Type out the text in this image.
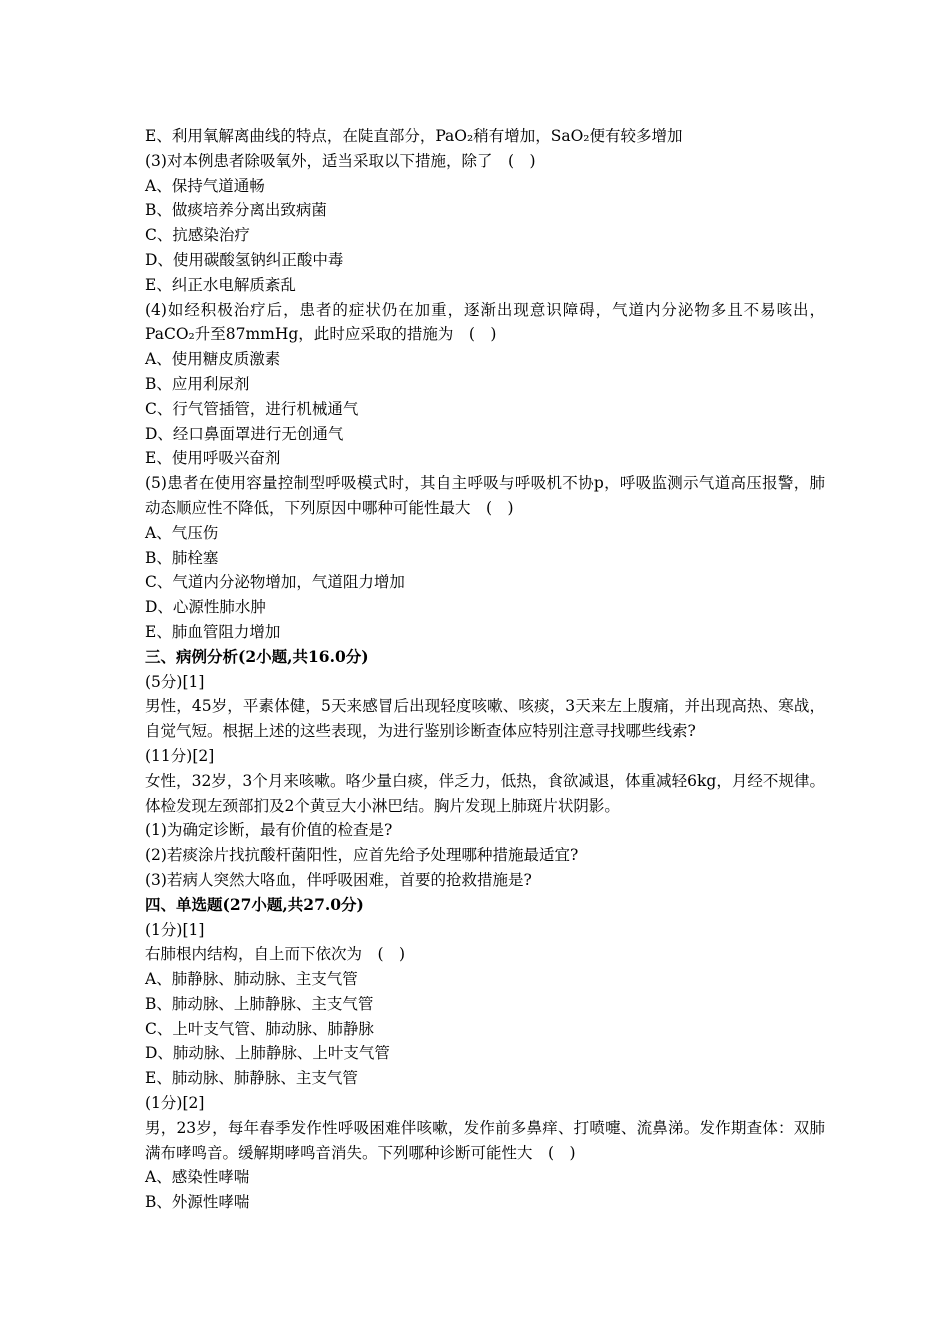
E、利用氧解离曲线的特点，在陡直部分，PaO₂稍有增加，SaO₂便有较多增加
(3)对本例患者除吸氧外，适当采取以下措施，除了　(　)
A、保持气道通畅
B、做痰培养分离出致病菌
C、抗感染治疗
D、使用碳酸氢钠纠正酸中毒
E、纠正水电解质紊乱
(4)如经积极治疗后，患者的症状仍在加重，逐渐出现意识障碍，气道内分泌物多且不易咳出，PaCO₂升至87mmHg，此时应采取的措施为　(　)
A、使用糖皮质激素
B、应用利尿剂
C、行气管插管，进行机械通气
D、经口鼻面罩进行无创通气
E、使用呼吸兴奋剂
(5)患者在使用容量控制型呼吸模式时，其自主呼吸与呼吸机不协p，呼吸监测示气道高压报警，肺动态顺应性不降低，下列原因中哪种可能性最大　(　)
A、气压伤
B、肺栓塞
C、气道内分泌物增加，气道阻力增加
D、心源性肺水肿
E、肺血管阻力增加
三、病例分析(2小题,共16.0分)
(5分)[1]
男性，45岁，平素体健，5天来感冒后出现轻度咳嗽、咳痰，3天来左上腹痛，并出现高热、寒战，自觉气短。根据上述的这些表现，为进行鉴别诊断查体应特别注意寻找哪些线索?
(11分)[2]
女性，32岁，3个月来咳嗽。咯少量白痰，伴乏力，低热，食欲减退，体重减轻6kg，月经不规律。体检发现左颈部扪及2个黄豆大小淋巴结。胸片发现上肺斑片状阴影。
(1)为确定诊断，最有价值的检查是?
(2)若痰涂片找抗酸杆菌阳性，应首先给予处理哪种措施最适宜?
(3)若病人突然大咯血，伴呼吸困难，首要的抢救措施是?
四、单选题(27小题,共27.0分)
(1分)[1]
右肺根内结构，自上而下依次为　(　)
A、肺静脉、肺动脉、主支气管
B、肺动脉、上肺静脉、主支气管
C、上叶支气管、肺动脉、肺静脉
D、肺动脉、上肺静脉、上叶支气管
E、肺动脉、肺静脉、主支气管
(1分)[2]
男，23岁，每年春季发作性呼吸困难伴咳嗽，发作前多鼻痒、打喷嚏、流鼻涕。发作期查体：双肺满布哮鸣音。缓解期哮鸣音消失。下列哪种诊断可能性大　(　)
A、感染性哮喘
B、外源性哮喘
